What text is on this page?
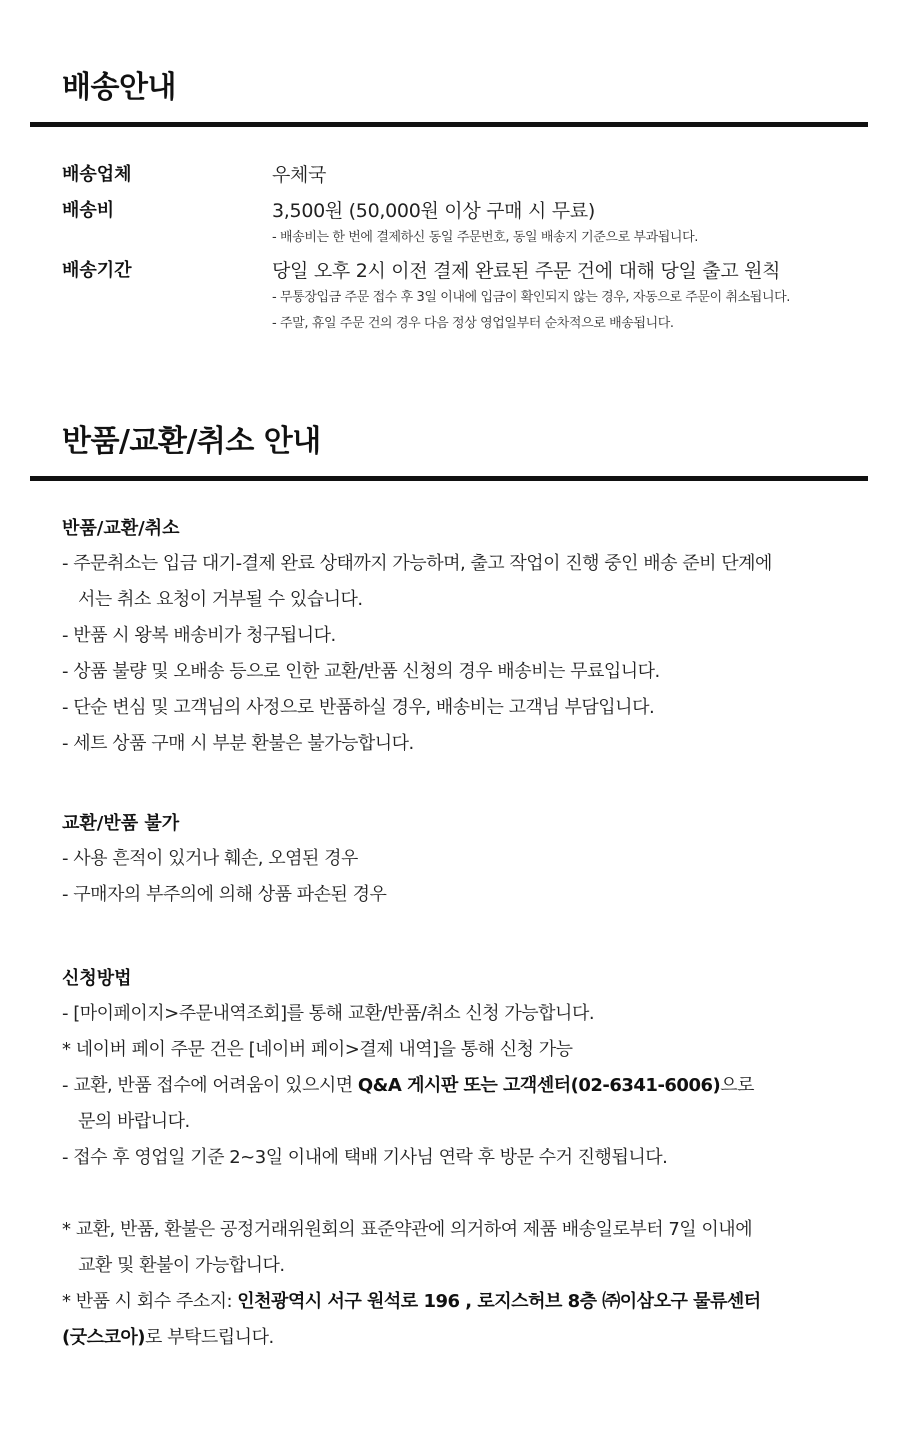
배송안내
배송업체	우체국
배송비	3,500원 (50,000원 이상 구매 시 무료)
- 배송비는 한 번에 결제하신 동일 주문번호, 동일 배송지 기준으로 부과됩니다.
배송기간	당일 오후 2시 이전 결제 완료된 주문 건에 대해 당일 출고 원칙
- 무통장입금 주문 접수 후 3일 이내에 입금이 확인되지 않는 경우, 자동으로 주문이 취소됩니다.
- 주말, 휴일 주문 건의 경우 다음 정상 영업일부터 순차적으로 배송됩니다.
반품/교환/취소 안내
반품/교환/취소
- 주문취소는 입금 대기-결제 완료 상태까지 가능하며, 출고 작업이 진행 중인 배송 준비 단계에
서는 취소 요청이 거부될 수 있습니다.
- 반품 시 왕복 배송비가 청구됩니다.
- 상품 불량 및 오배송 등으로 인한 교환/반품 신청의 경우 배송비는 무료입니다.
- 단순 변심 및 고객님의 사정으로 반품하실 경우, 배송비는 고객님 부담입니다.
- 세트 상품 구매 시 부분 환불은 불가능합니다.
교환/반품 불가
- 사용 흔적이 있거나 훼손, 오염된 경우
- 구매자의 부주의에 의해 상품 파손된 경우
신청방법
- [마이페이지>주문내역조회]를 통해 교환/반품/취소 신청 가능합니다.
* 네이버 페이 주문 건은 [네이버 페이>결제 내역]을 통해 신청 가능
- 교환, 반품 접수에 어려움이 있으시면 Q&A 게시판 또는 고객센터(02-6341-6006)으로
문의 바랍니다.
- 접수 후 영업일 기준 2~3일 이내에 택배 기사님 연락 후 방문 수거 진행됩니다.
* 교환, 반품, 환불은 공정거래위원회의 표준약관에 의거하여 제품 배송일로부터 7일 이내에
교환 및 환불이 가능합니다.
* 반품 시 회수 주소지: 인천광역시 서구 원석로 196 , 로지스허브 8층 ㈜이삼오구 물류센터
(굿스코아)로 부탁드립니다.
